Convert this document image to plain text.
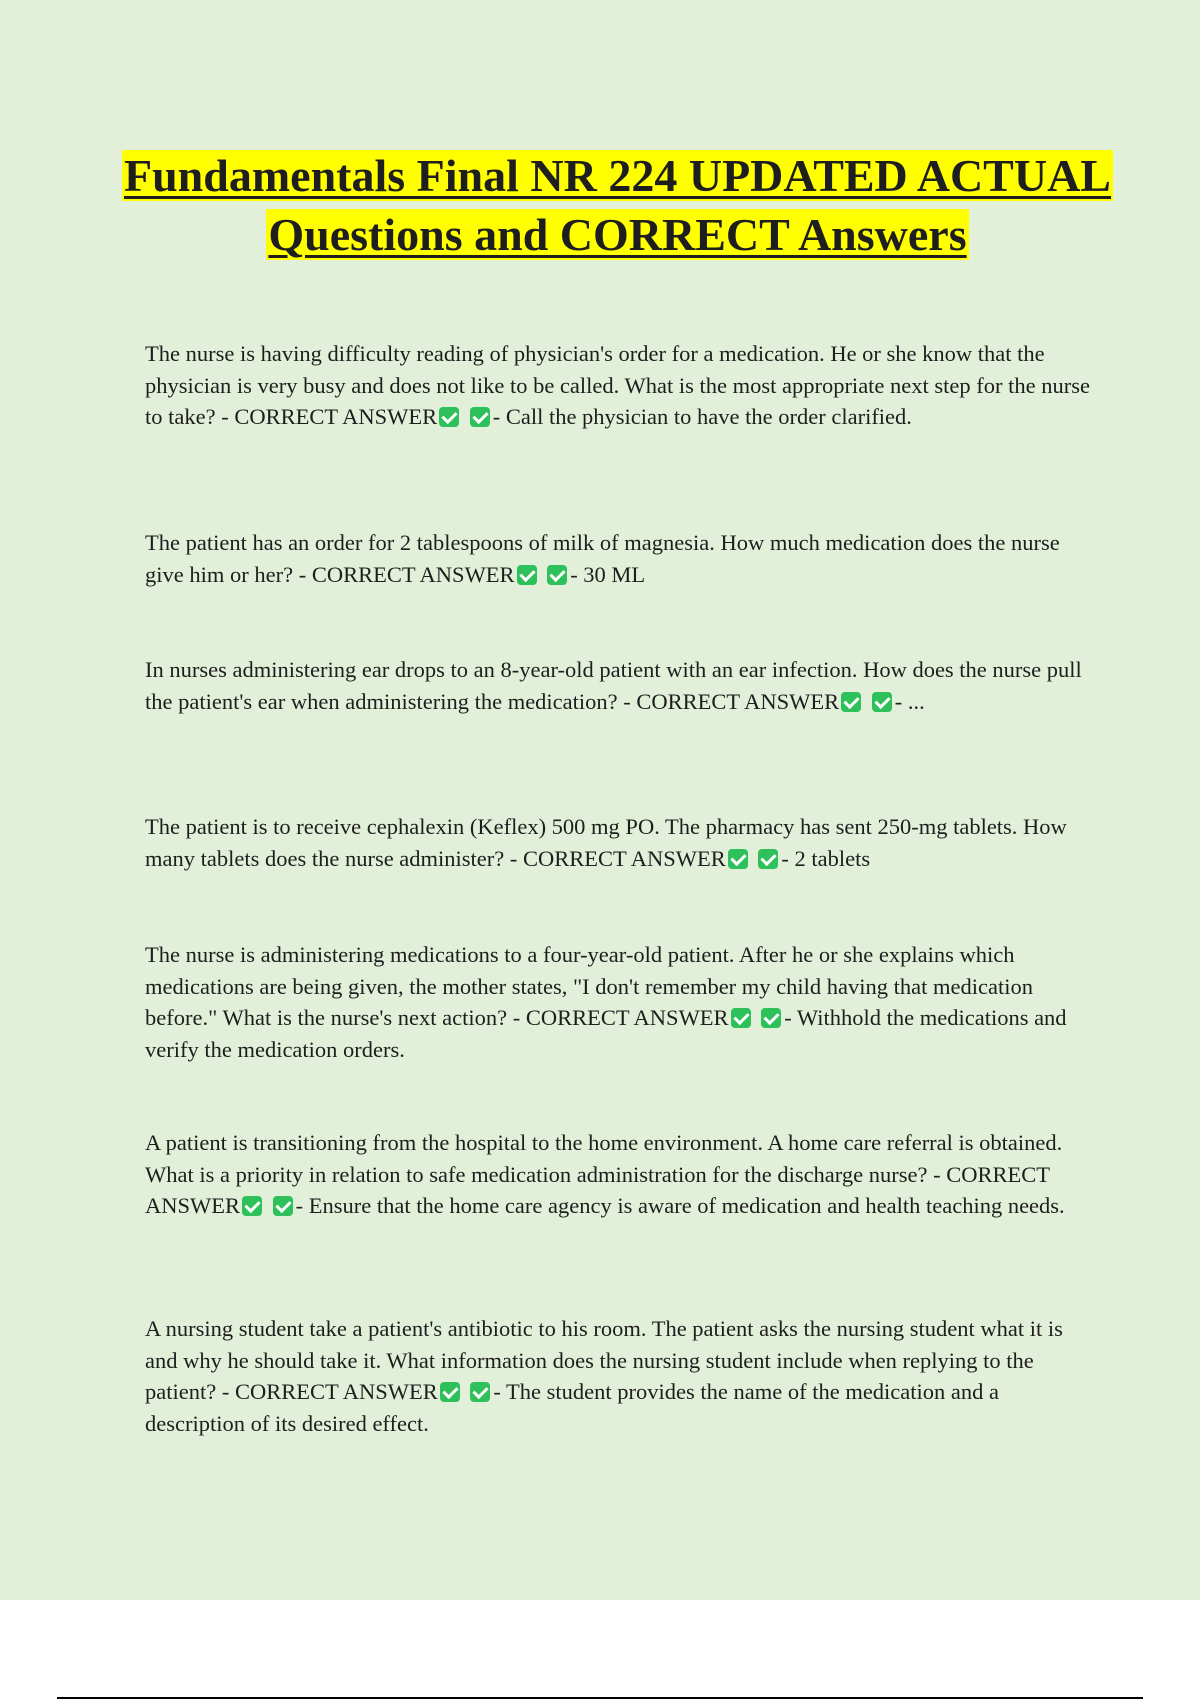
Fundamentals Final NR 224 UPDATED ACTUAL Questions and CORRECT Answers

The nurse is having difficulty reading of physician's order for a medication. He or she know that the physician is very busy and does not like to be called. What is the most appropriate next step for the nurse to take? - CORRECT ANSWER - Call the physician to have the order clarified.

The patient has an order for 2 tablespoons of milk of magnesia. How much medication does the nurse give him or her? - CORRECT ANSWER - 30 ML

In nurses administering ear drops to an 8-year-old patient with an ear infection. How does the nurse pull the patient's ear when administering the medication? - CORRECT ANSWER - ...

The patient is to receive cephalexin (Keflex) 500 mg PO. The pharmacy has sent 250-mg tablets. How many tablets does the nurse administer? - CORRECT ANSWER - 2 tablets

The nurse is administering medications to a four-year-old patient. After he or she explains which medications are being given, the mother states, "I don't remember my child having that medication before." What is the nurse's next action? - CORRECT ANSWER - Withhold the medications and verify the medication orders.

A patient is transitioning from the hospital to the home environment. A home care referral is obtained. What is a priority in relation to safe medication administration for the discharge nurse? - CORRECT ANSWER - Ensure that the home care agency is aware of medication and health teaching needs.

A nursing student take a patient's antibiotic to his room. The patient asks the nursing student what it is and why he should take it. What information does the nursing student include when replying to the patient? - CORRECT ANSWER - The student provides the name of the medication and a description of its desired effect.
